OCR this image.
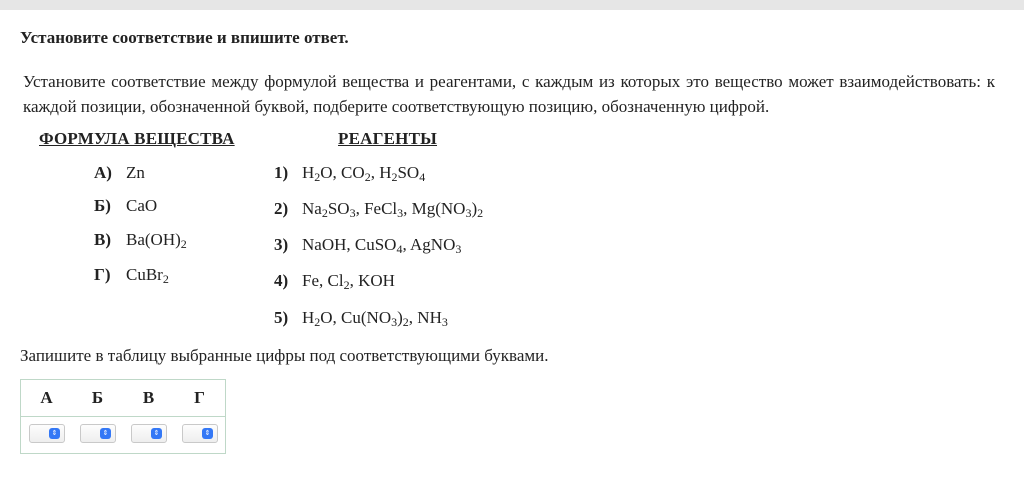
Установите соответствие и впишите ответ.
Установите соответствие между формулой вещества и реагентами, с каждым из которых это вещество может взаимодействовать: к каждой позиции, обозначенной буквой, подберите соответствующую позицию, обозначенную цифрой.
ФОРМУЛА ВЕЩЕСТВА	РЕАГЕНТЫ
А) Zn
Б) CaO
В) $Ba(OH)_2$
Г) CuBr$_2$
1) $H_2O$, $CO_2$, $H_2SO_4$
2) $Na_2SO_3$, FeCl$_3$, $Mg(NO_3)_2$
3) NaOH, CuSO$_4$, AgNO$_3$
4) Fe, $Cl_2$, KOH
5) $H_2O$, $Cu(NO_3)_2$, $NH_3$
Запишите в таблицу выбранные цифры под соответствующими буквами.
А	Б	В	Г
⇕	⇕	⇕	⇕
